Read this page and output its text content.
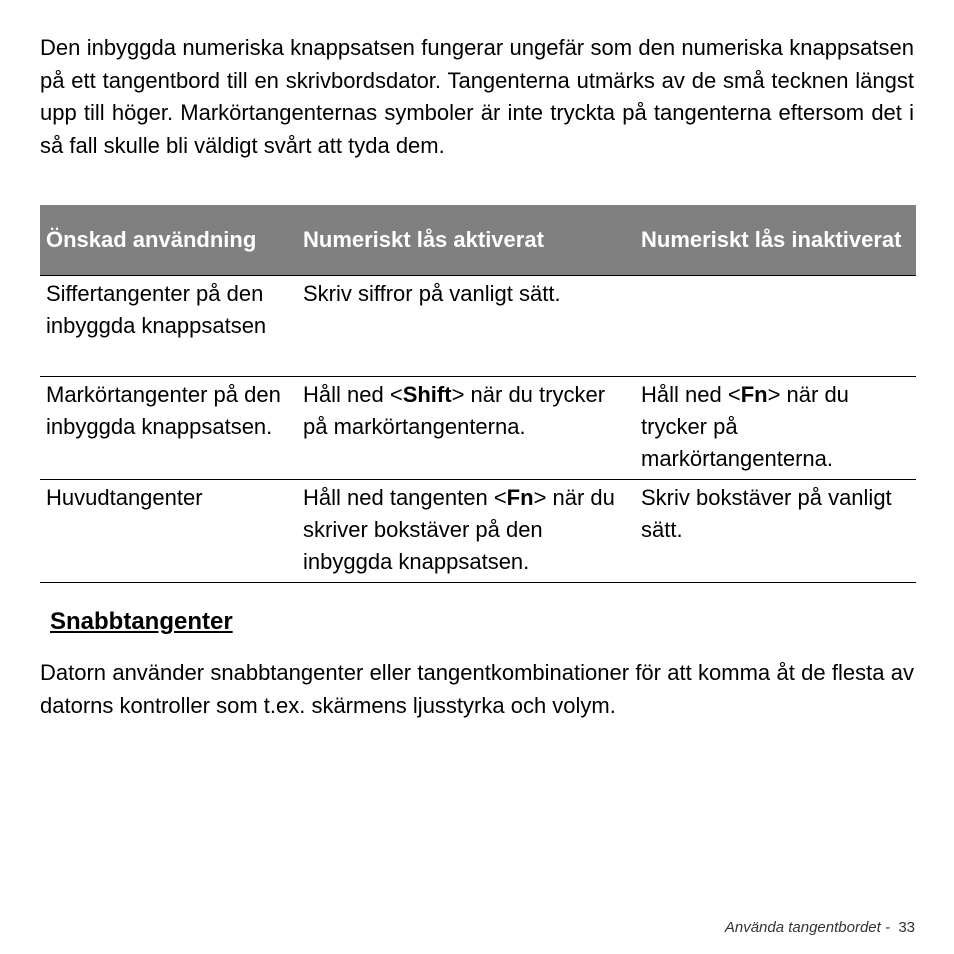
Den inbyggda numeriska knappsatsen fungerar ungefär som den numeriska knappsatsen på ett tangentbord till en skrivbordsdator. Tangenterna utmärks av de små tecknen längst upp till höger. Markörtangenternas symboler är inte tryckta på tangenterna eftersom det i så fall skulle bli väldigt svårt att tyda dem.

Önskad användning	Numeriskt lås aktiverat	Numeriskt lås inaktiverat
Siffertangenter på den inbyggda knappsatsen	Skriv siffror på vanligt sätt.	
Markörtangenter på den inbyggda knappsatsen.	Håll ned <Shift> när du trycker på markörtangenterna.	Håll ned <Fn> när du trycker på markörtangenterna.
Huvudtangenter	Håll ned tangenten <Fn> när du skriver bokstäver på den inbyggda knappsatsen.	Skriv bokstäver på vanligt sätt.
Snabbtangenter

Datorn använder snabbtangenter eller tangentkombinationer för att komma åt de flesta av datorns kontroller som t.ex. skärmens ljusstyrka och volym.

Använda tangentbordet -  33
